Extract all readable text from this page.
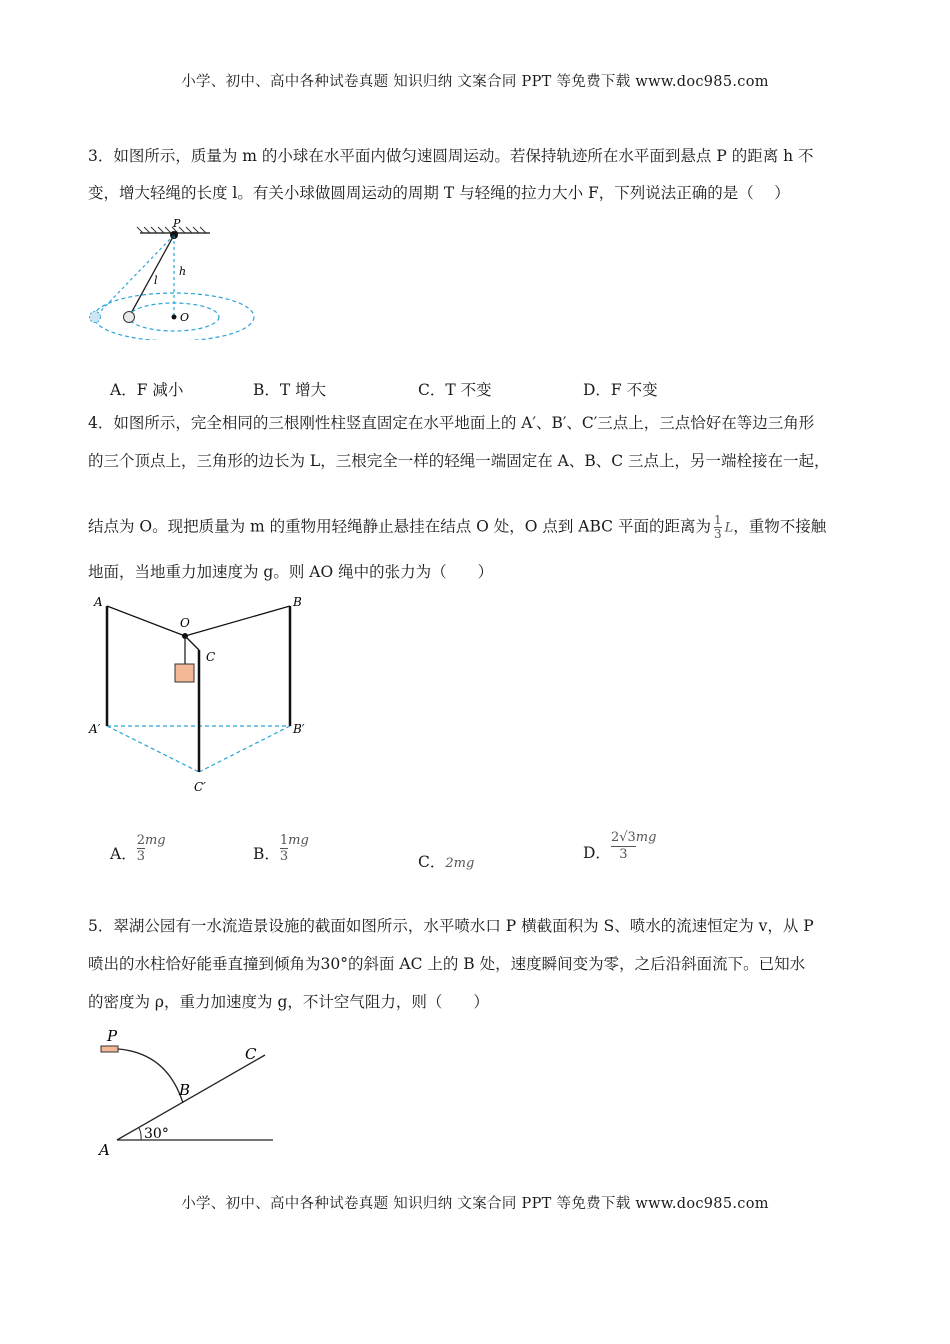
小学、初中、高中各种试卷真题 知识归纳 文案合同 PPT 等免费下载 www.doc985.com
3．如图所示，质量为 m 的小球在水平面内做匀速圆周运动。若保持轨迹所在水平面到悬点 P 的距离 h 不
变，增大轻绳的长度 l。有关小球做圆周运动的周期 T 与轻绳的拉力大小 F，下列说法正确的是（　 ）
P
h
l
O
A．F 减小	B．T 增大	C．T 不变	D．F 不变
4．如图所示，完全相同的三根刚性柱竖直固定在水平地面上的 A′、B′、C′三点上，三点恰好在等边三角形
的三个顶点上，三角形的边长为 L，三根完全一样的轻绳一端固定在 A、B、C 三点上，另一端栓接在一起，
结点为 O。现把质量为 m 的重物用轻绳静止悬挂在结点 O 处，O 点到 ABC 平面的距离为 $\frac{1}{3}$ L，重物不接触
地面，当地重力加速度为 g。则 AO 绳中的张力为（　　）
A	B
O
C
A′	B′
C′
A． $\frac{2}{3} ^{mg}$
B． $\frac{1}{3} ^{mg}$
C．2mg
D． $\frac{2√3}{3} ^{mg}$
5．翠湖公园有一水流造景设施的截面如图所示，水平喷水口 P 横截面积为 S、喷水的流速恒定为 v，从 P
喷出的水柱恰好能垂直撞到倾角为30°的斜面 AC 上的 B 处，速度瞬间变为零，之后沿斜面流下。已知水
的密度为 ρ，重力加速度为 g，不计空气阻力，则（　　）
P
C
B
A
30°
小学、初中、高中各种试卷真题 知识归纳 文案合同 PPT 等免费下载 www.doc985.com
